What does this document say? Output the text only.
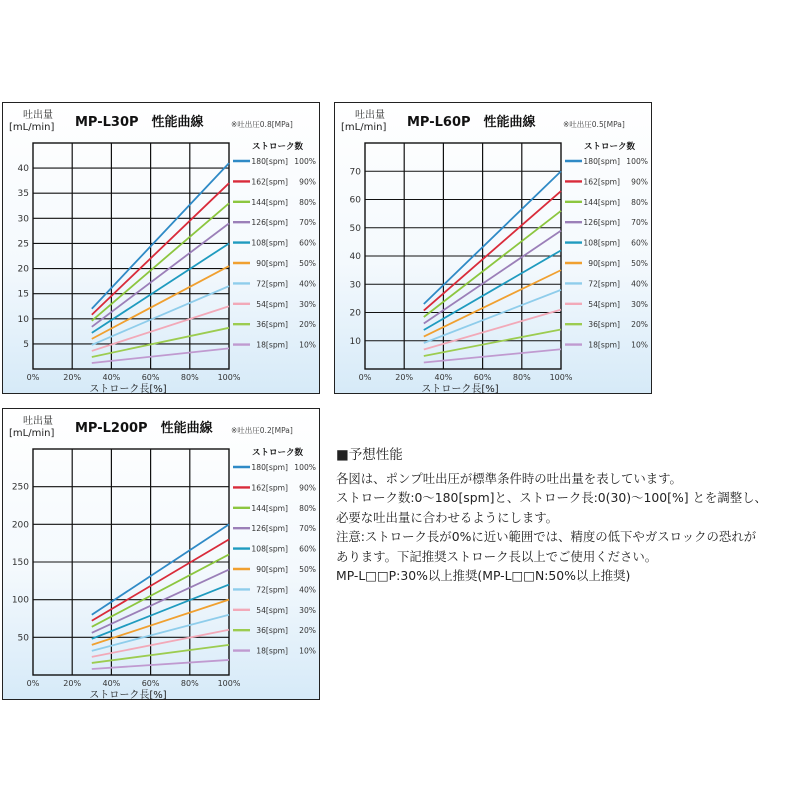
0%	20%	40%	60%	80% 100%
5
10
15
20
25
30
35
40
吐出量
[mL/min] MP-L30P　性能曲線	※吐出圧0.8[MPa]
ストローク長[%]
ストローク数
180[spm] 100%
162[spm] 90%
144[spm] 80%
126[spm] 70%
108[spm] 60%
90[spm] 50%
72[spm] 40%
54[spm] 30%
36[spm] 20%
18[spm] 10%
0%	20%	40%	60%	80% 100%
10
20
30
40
50
60
70
吐出量
[mL/min] MP-L60P　性能曲線	※吐出圧0.5[MPa]
ストローク長[%]
ストローク数
180[spm] 100%
162[spm] 90%
144[spm] 80%
126[spm] 70%
108[spm] 60%
90[spm] 50%
72[spm] 40%
54[spm] 30%
36[spm] 20%
18[spm] 10%
0%	20%	40%	60%	80% 100%
50
100
150
200
250
吐出量
[mL/min] MP-L200P　性能曲線 ※吐出圧0.2[MPa]
ストローク長[%]
ストローク数
180[spm] 100%
162[spm] 90%
144[spm] 80%
126[spm] 70%
108[spm] 60%
90[spm] 50%
72[spm] 40%
54[spm] 30%
36[spm] 20%
18[spm] 10%
■予想性能
各図は、ポンプ吐出圧が標準条件時の吐出量を表しています。
ストローク数:0～180[spm]と、ストローク長:0(30)～100[%] とを調整し、
必要な吐出量に合わせるようにします。
注意:ストローク長が0%に近い範囲では、精度の低下やガスロックの恐れが
あります。下記推奨ストローク長以上でご使用ください。
MP-L□□P:30%以上推奨(MP-L□□N:50%以上推奨)
